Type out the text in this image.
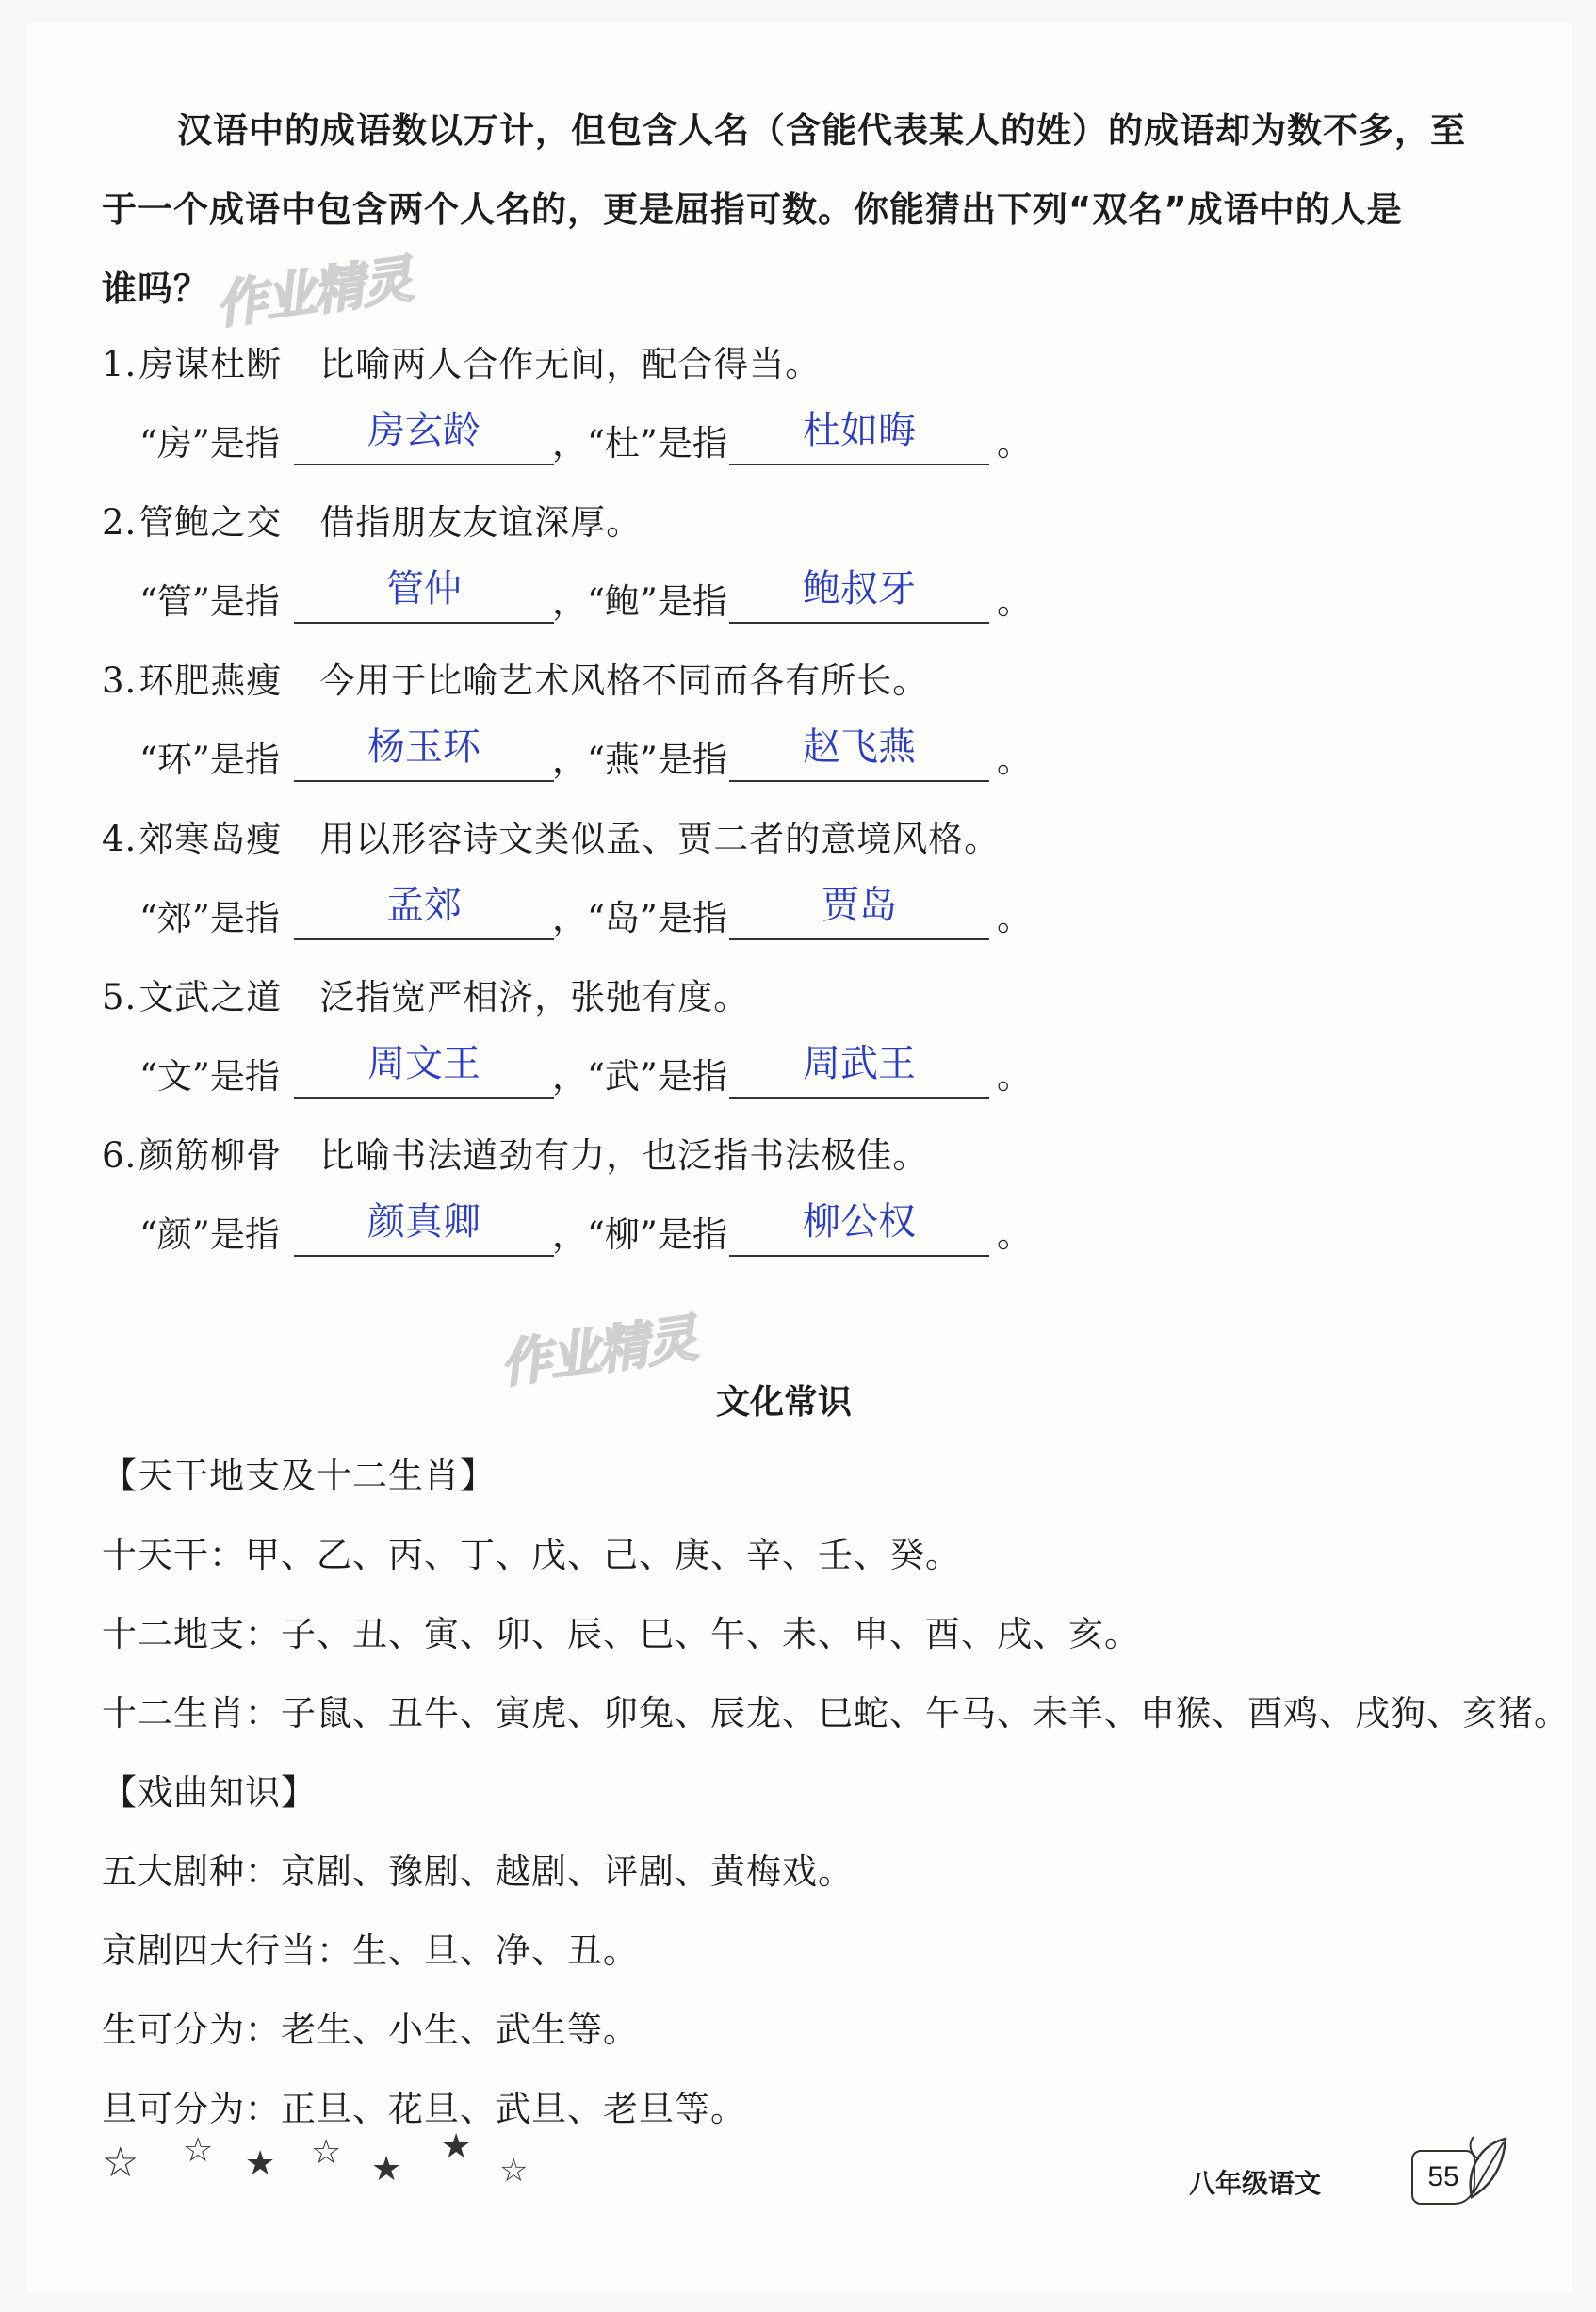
汉语中的成语数以万计，但包含人名（含能代表某人的姓）的成语却为数不多，至
于一个成语中包含两个人名的，更是屈指可数。你能猜出下列“双名”成语中的人是
谁吗？ 作业精灵
1.房谋杜断 比喻两人合作无间，配合得当。
“房”是指	房玄龄	，“杜”是指	杜如晦	。
2.管鲍之交 借指朋友友谊深厚。
“管”是指	管仲	，“鲍”是指	鲍叔牙	。
3.环肥燕瘦 今用于比喻艺术风格不同而各有所长。
“环”是指	杨玉环	，“燕”是指	赵飞燕	。
4.郊寒岛瘦 用以形容诗文类似孟、贾二者的意境风格。
“郊”是指	孟郊	，“岛”是指	贾岛	。
5.文武之道 泛指宽严相济，张弛有度。
“文”是指	周文王	，“武”是指	周武王	。
6.颜筋柳骨 比喻书法遒劲有力，也泛指书法极佳。
“颜”是指	颜真卿	，“柳”是指	柳公权	。
作业精灵
文化常识
【天干地支及十二生肖】
十天干：甲、乙、丙、丁、戊、己、庚、辛、壬、癸。
十二地支：子、丑、寅、卯、辰、巳、午、未、申、酉、戌、亥。
十二生肖：子鼠、丑牛、寅虎、卯兔、辰龙、巳蛇、午马、未羊、申猴、酉鸡、戌狗、亥猪。
【戏曲知识】
五大剧种：京剧、豫剧、越剧、评剧、黄梅戏。
京剧四大行当：生、旦、净、丑。
生可分为：老生、小生、武生等。
旦可分为：正旦、花旦、武旦、老旦等。
☆ ☆ ★ ☆ ★
★
☆	八年级语文	55
